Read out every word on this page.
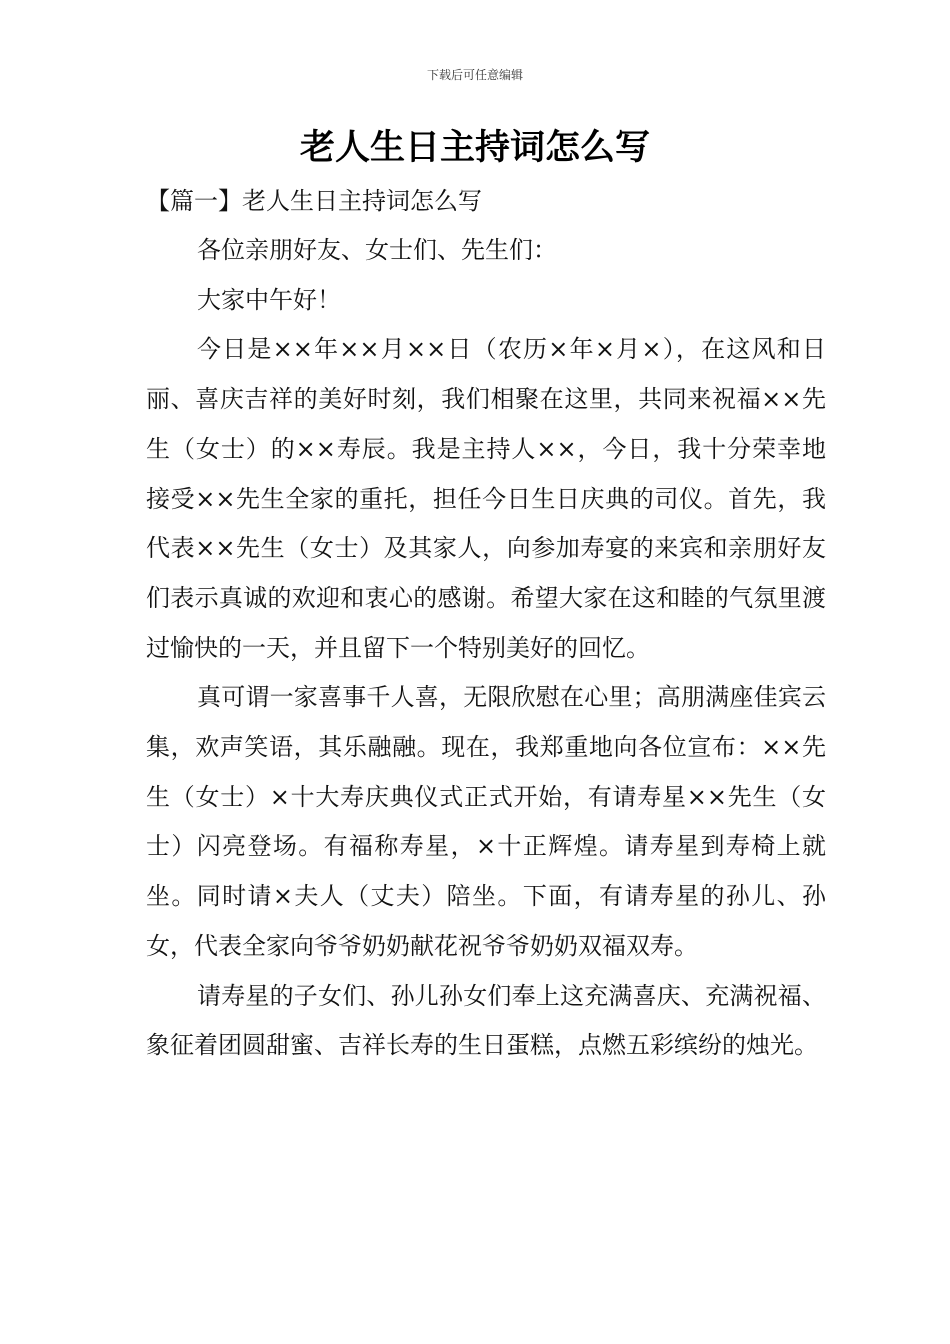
下载后可任意编辑
老人生日主持词怎么写
【篇一】老人生日主持词怎么写

各位亲朋好友、女士们、先生们：

大家中午好！

今日是××年××月××日（农历×年×月×），在这风和日丽、喜庆吉祥的美好时刻，我们相聚在这里，共同来祝福××先生（女士）的××寿辰。我是主持人××，今日，我十分荣幸地接受××先生全家的重托，担任今日生日庆典的司仪。首先，我代表××先生（女士）及其家人，向参加寿宴的来宾和亲朋好友们表示真诚的欢迎和衷心的感谢。希望大家在这和睦的气氛里渡过愉快的一天，并且留下一个特别美好的回忆。

真可谓一家喜事千人喜，无限欣慰在心里；高朋满座佳宾云集，欢声笑语，其乐融融。现在，我郑重地向各位宣布：××先生（女士）×十大寿庆典仪式正式开始，有请寿星××先生（女士）闪亮登场。有福称寿星，×十正辉煌。请寿星到寿椅上就坐。同时请×夫人（丈夫）陪坐。下面，有请寿星的孙儿、孙女，代表全家向爷爷奶奶献花祝爷爷奶奶双福双寿。

请寿星的子女们、孙儿孙女们奉上这充满喜庆、充满祝福、象征着团圆甜蜜、吉祥长寿的生日蛋糕，点燃五彩缤纷的烛光。
